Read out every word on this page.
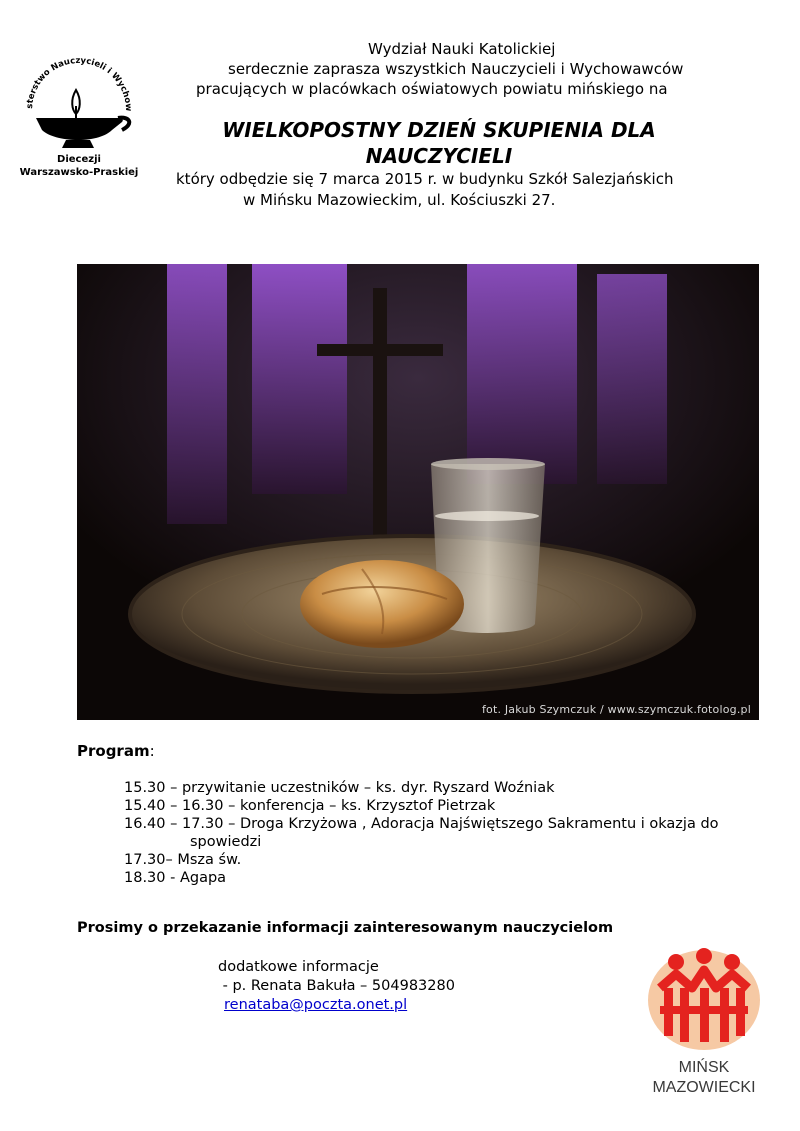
sterstwo Nauczycieli i Wychow
Diecezji
Warszawsko-Praskiej
Wydział Nauki Katolickiej
serdecznie zaprasza wszystkich Nauczycieli i Wychowawców
pracujących w placówkach oświatowych powiatu mińskiego na
WIELKOPOSTNY DZIEŃ SKUPIENIA DLA
NAUCZYCIELI
który odbędzie się 7 marca 2015 r. w budynku Szkół Salezjańskich
w Mińsku Mazowieckim, ul. Kościuszki 27.
fot. Jakub Szymczuk / www.szymczuk.fotolog.pl
Program:
15.30 – przywitanie uczestników – ks. dyr. Ryszard Woźniak
15.40 – 16.30 – konferencja – ks. Krzysztof Pietrzak
16.40 – 17.30 – Droga Krzyżowa , Adoracja Najświętszego Sakramentu i okazja do
spowiedzi
17.30– Msza św.
18.30 - Agapa
Prosimy o przekazanie informacji zainteresowanym nauczycielom
dodatkowe informacje
- p. Renata Bakuła – 504983280
renataba@poczta.onet.pl
MIŃSK
MAZOWIECKI
